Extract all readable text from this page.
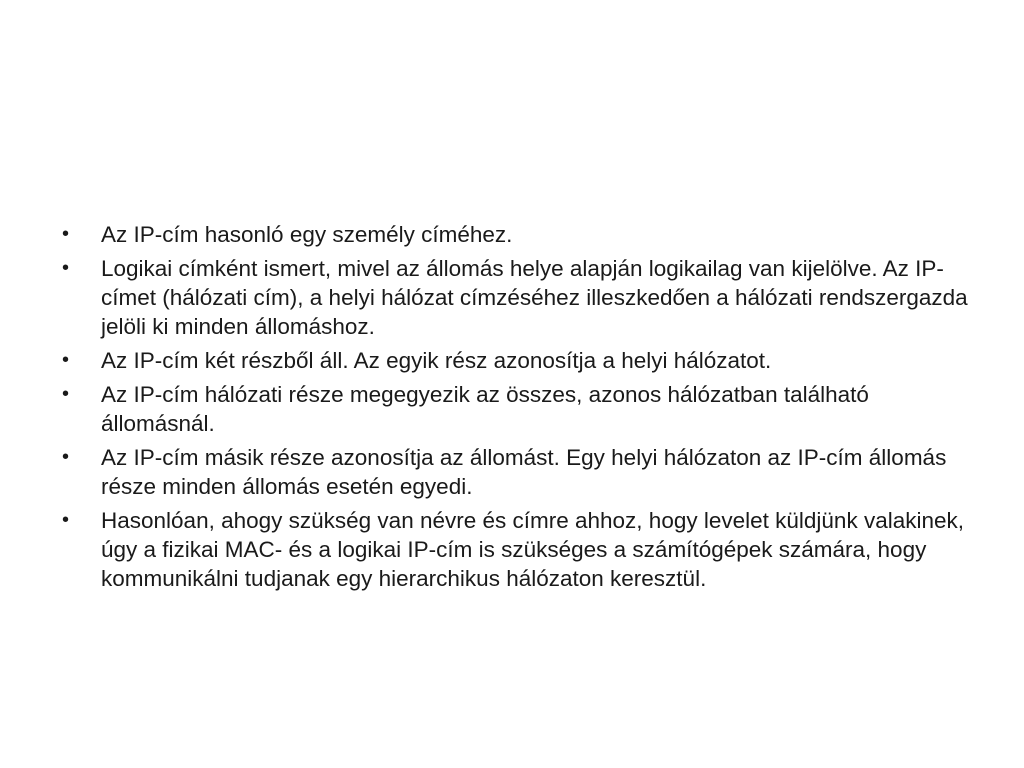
•	Az IP-cím hasonló egy személy címéhez.
•	Logikai címként ismert, mivel az állomás helye alapján logikailag van kijelölve. Az IP-címet (hálózati cím), a helyi hálózat címzéséhez illeszkedően a hálózati rendszergazda jelöli ki minden állomáshoz.
•	Az IP-cím két részből áll. Az egyik rész azonosítja a helyi hálózatot.
•	Az IP-cím hálózati része megegyezik az összes, azonos hálózatban található állomásnál.
•	Az IP-cím másik része azonosítja az állomást. Egy helyi hálózaton az IP-cím állomás része minden állomás esetén egyedi.
•	Hasonlóan, ahogy szükség van névre és címre ahhoz, hogy levelet küldjünk valakinek, úgy a fizikai MAC- és a logikai IP-cím is szükséges a számítógépek számára, hogy kommunikálni tudjanak egy hierarchikus hálózaton keresztül.
